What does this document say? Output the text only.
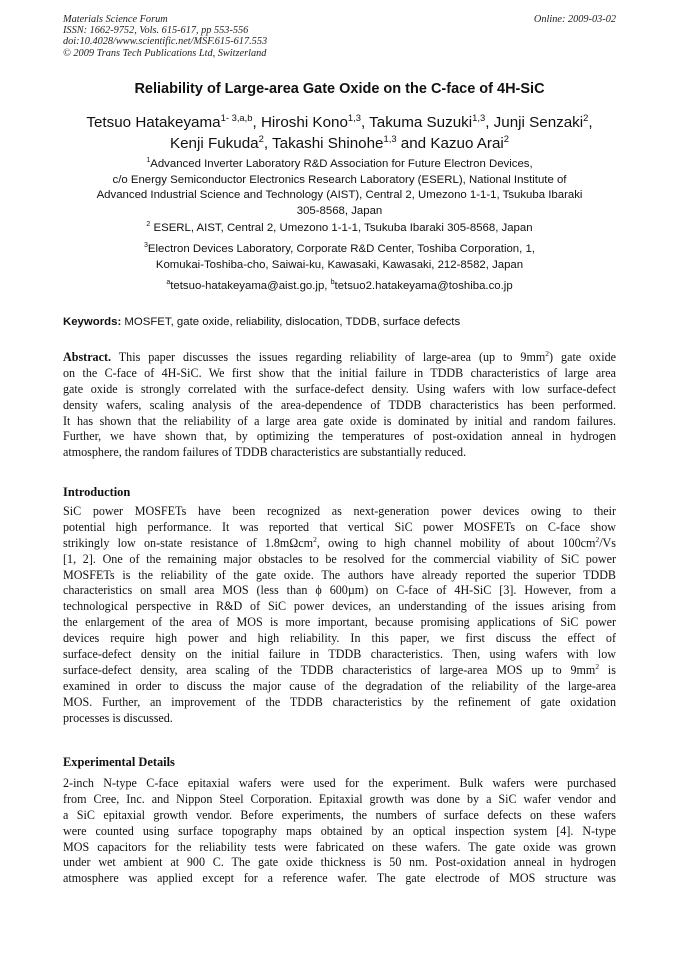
Materials Science Forum
ISSN: 1662-9752, Vols. 615-617, pp 553-556
doi:10.4028/www.scientific.net/MSF.615-617.553
© 2009 Trans Tech Publications Ltd, Switzerland
Online: 2009-03-02
Reliability of Large-area Gate Oxide on the C-face of 4H-SiC
Tetsuo Hatakeyama$^{1- 3,a,b}$, Hiroshi Kono$^{1,3}$, Takuma Suzuki$^{1,3}$, Junji Senzaki$^2$,
Kenji Fukuda$^2$, Takashi Shinohe$^{1,3}$ and Kazuo Arai$^2$
$^1$Advanced Inverter Laboratory R&D Association for Future Electron Devices,
c/o Energy Semiconductor Electronics Research Laboratory (ESERL), National Institute of
Advanced Industrial Science and Technology (AIST), Central 2, Umezono 1-1-1, Tsukuba Ibaraki
305-8568, Japan
$^2$ ESERL, AIST, Central 2, Umezono 1-1-1, Tsukuba Ibaraki 305-8568, Japan
$^3$Electron Devices Laboratory, Corporate R&D Center, Toshiba Corporation, 1,
Komukai-Toshiba-cho, Saiwai-ku, Kawasaki, Kawasaki, 212-8582, Japan
$^a$tetsuo-hatakeyama@aist.go.jp, $^b$tetsuo2.hatakeyama@toshiba.co.jp
Keywords: MOSFET, gate oxide, reliability, dislocation, TDDB, surface defects
Abstract. This paper discusses the issues regarding reliability of large-area (up to $9mm^2$) gate oxide
on the C-face of 4H-SiC. We first show that the initial failure in TDDB characteristics of large area
gate oxide is strongly correlated with the surface-defect density. Using wafers with low surface-defect
density wafers, scaling analysis of the area-dependence of TDDB characteristics has been performed.
It has shown that the reliability of a large area gate oxide is dominated by initial and random failures.
Further, we have shown that, by optimizing the temperatures of post-oxidation anneal in hydrogen
atmosphere, the random failures of TDDB characteristics are substantially reduced.
Introduction
SiC power MOSFETs have been recognized as next-generation power devices owing to their
potential high performance. It was reported that vertical SiC power MOSFETs on C-face show
strikingly low on-state resistance of 1.8mΩcm$^2$, owing to high channel mobility of about $100cm^2/Vs$
[1, 2]. One of the remaining major obstacles to be resolved for the commercial viability of SiC power
MOSFETs is the reliability of the gate oxide. The authors have already reported the superior TDDB
characteristics on small area MOS (less than ϕ 600µm) on C-face of 4H-SiC [3]. However, from a
technological perspective in R&D of SiC power devices, an understanding of the issues arising from
the enlargement of the area of MOS is more important, because promising applications of SiC power
devices require high power and high reliability. In this paper, we first discuss the effect of
surface-defect density on the initial failure in TDDB characteristics. Then, using wafers with low
surface-defect density, area scaling of the TDDB characteristics of large-area MOS up to $9mm^2$ is
examined in order to discuss the major cause of the degradation of the reliability of the large-area
MOS. Further, an improvement of the TDDB characteristics by the refinement of gate oxidation
processes is discussed.
Experimental Details
2-inch N-type C-face epitaxial wafers were used for the experiment. Bulk wafers were purchased
from Cree, Inc. and Nippon Steel Corporation. Epitaxial growth was done by a SiC wafer vendor and
a SiC epitaxial growth vendor. Before experiments, the numbers of surface defects on these wafers
were counted using surface topography maps obtained by an optical inspection system [4]. N-type
MOS capacitors for the reliability tests were fabricated on these wafers. The gate oxide was grown
under wet ambient at 900 C. The gate oxide thickness is 50 nm. Post-oxidation anneal in hydrogen
atmosphere was applied except for a reference wafer. The gate electrode of MOS structure was
